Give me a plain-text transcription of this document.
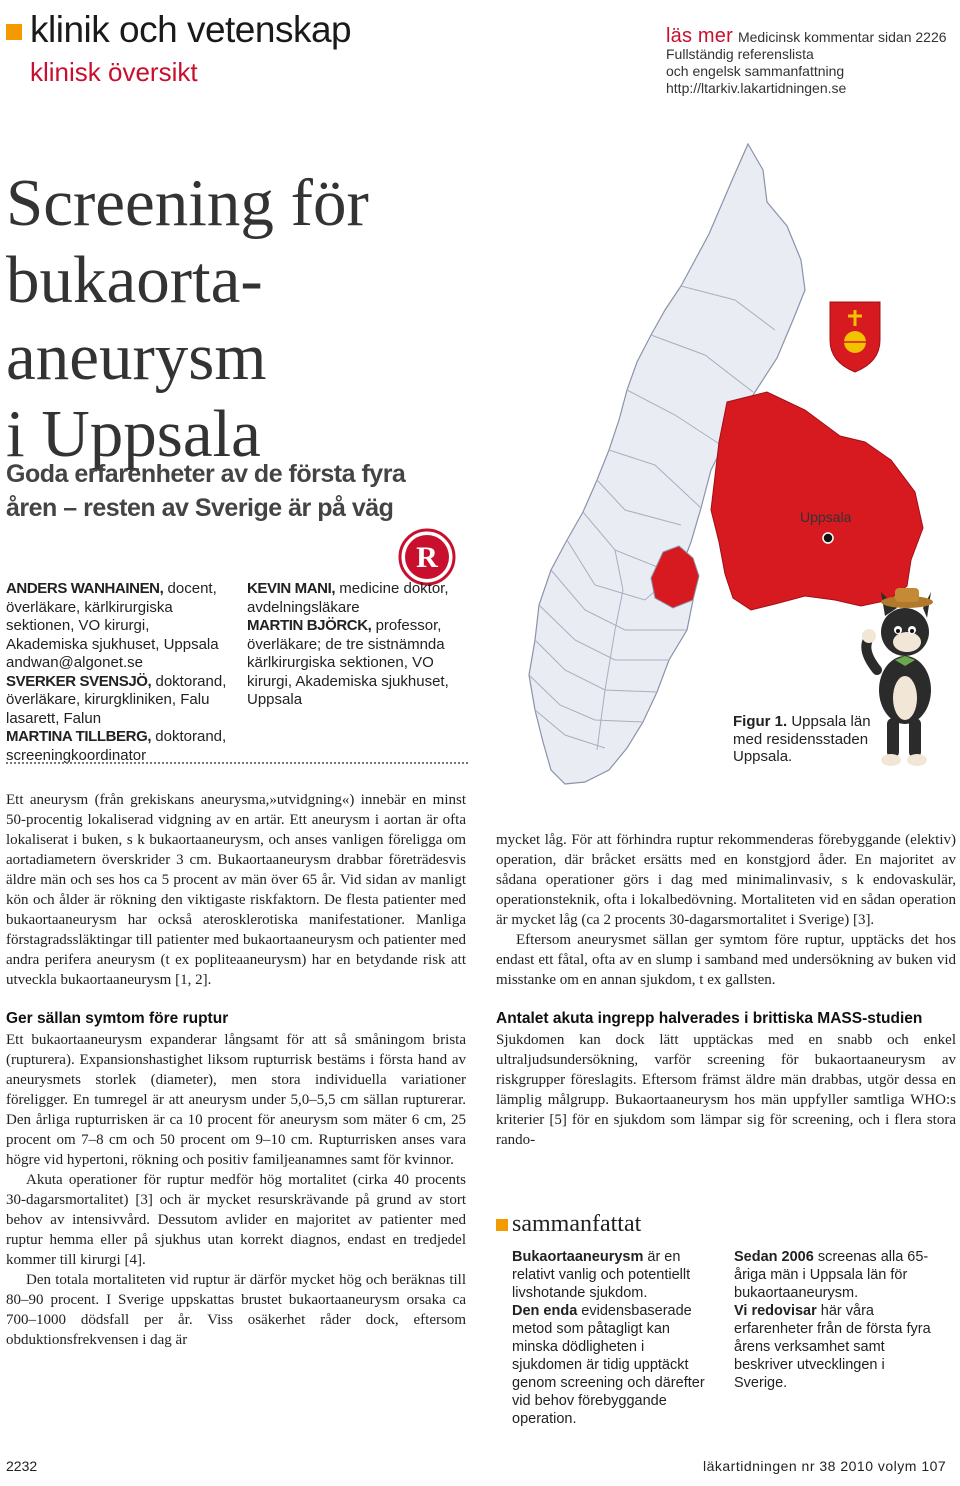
klinik och vetenskap
klinisk översikt
läs mer Medicinsk kommentar sidan 2226
Fullständig referenslista
och engelsk sammanfattning
http://ltarkiv.lakartidningen.se
Screening för
bukaorta-
aneurysm
i Uppsala
Goda erfarenheter av de första fyra
åren – resten av Sverige är på väg
R

ANDERS WANHAINEN, docent, överläkare, kärlkirurgiska sektionen, VO kirurgi, Akademiska sjukhuset, Uppsala

andwan@algonet.se

SVERKER SVENSJÖ, doktorand, överläkare, kirurgkliniken, Falu lasarett, Falun

MARTINA TILLBERG, doktorand, screeningkoordinator

KEVIN MANI, medicine doktor, avdelningsläkare

MARTIN BJÖRCK, professor, överläkare; de tre sistnämnda kärlkirurgiska sektionen, VO kirurgi, Akademiska sjukhuset, Uppsala

Uppsala
Figur 1. Uppsala län med residensstaden Uppsala.

Ett aneurysm (från grekiskans aneurysma,»utvidgning«) innebär en minst 50-procentig lokaliserad vidgning av en artär. Ett aneurysm i aortan är ofta lokaliserat i buken, s k bukaortaaneurysm, och anses vanligen föreligga om aortadiametern överskrider 3 cm. Bukaortaaneurysm drabbar företrädesvis äldre män och ses hos ca 5 procent av män över 65 år. Vid sidan av manligt kön och ålder är rökning den viktigaste riskfaktorn. De flesta patienter med bukaortaaneurysm har också aterosklerotiska manifestationer. Manliga förstagradssläktingar till patienter med bukaortaaneurysm och patienter med andra perifera aneurysm (t ex popliteaaneurysm) har en betydande risk att utveckla bukaortaaneurysm [1, 2].

Ger sällan symtom före ruptur

Ett bukaortaaneurysm expanderar långsamt för att så småningom brista (rupturera). Expansionshastighet liksom rupturrisk bestäms i första hand av aneurysmets storlek (diameter), men stora individuella variationer föreligger. En tumregel är att aneurysm under 5,0–5,5 cm sällan rupturerar. Den årliga rupturrisken är ca 10 procent för aneurysm som mäter 6 cm, 25 procent om 7–8 cm och 50 procent om 9–10 cm. Rupturrisken anses vara högre vid hypertoni, rökning och positiv familjeanamnes samt för kvinnor.

Akuta operationer för ruptur medför hög mortalitet (cirka 40 procents 30-dagarsmortalitet) [3] och är mycket resurskrävande på grund av stort behov av intensivvård. Dessutom avlider en majoritet av patienter med ruptur hemma eller på sjukhus utan korrekt diagnos, endast en tredjedel kommer till kirurgi [4].

Den totala mortaliteten vid ruptur är därför mycket hög och beräknas till 80–90 procent. I Sverige uppskattas brustet bukaortaaneurysm orsaka ca 700–1000 dödsfall per år. Viss osäkerhet råder dock, eftersom obduktionsfrekvensen i dag är

mycket låg. För att förhindra ruptur rekommenderas förebyggande (elektiv) operation, där bråcket ersätts med en konstgjord åder. En majoritet av sådana operationer görs i dag med minimalinvasiv, s k endovaskulär, operationsteknik, ofta i lokalbedövning. Mortaliteten vid en sådan operation är mycket låg (ca 2 procents 30-dagarsmortalitet i Sverige) [3].

Eftersom aneurysmet sällan ger symtom före ruptur, upptäcks det hos endast ett fåtal, ofta av en slump i samband med undersökning av buken vid misstanke om en annan sjukdom, t ex gallsten.

Antalet akuta ingrepp halverades i brittiska MASS-studien

Sjukdomen kan dock lätt upptäckas med en snabb och enkel ultraljudsundersökning, varför screening för bukaortaaneurysm av riskgrupper föreslagits. Eftersom främst äldre män drabbas, utgör dessa en lämplig målgrupp. Bukaortaaneurysm hos män uppfyller samtliga WHO:s kriterier [5] för en sjukdom som lämpar sig för screening, och i flera stora rando-

sammanfattat

Bukaortaaneurysm är en relativt vanlig och potentiellt livshotande sjukdom.

Den enda evidensbaserade metod som påtagligt kan minska dödligheten i sjukdomen är tidig upptäckt genom screening och därefter vid behov förebyggande operation.

Sedan 2006 screenas alla 65-åriga män i Uppsala län för bukaortaaneurysm.

Vi redovisar här våra erfarenheter från de första fyra årens verksamhet samt beskriver utvecklingen i Sverige.

2232	läkartidningen nr 38 2010 volym 107
